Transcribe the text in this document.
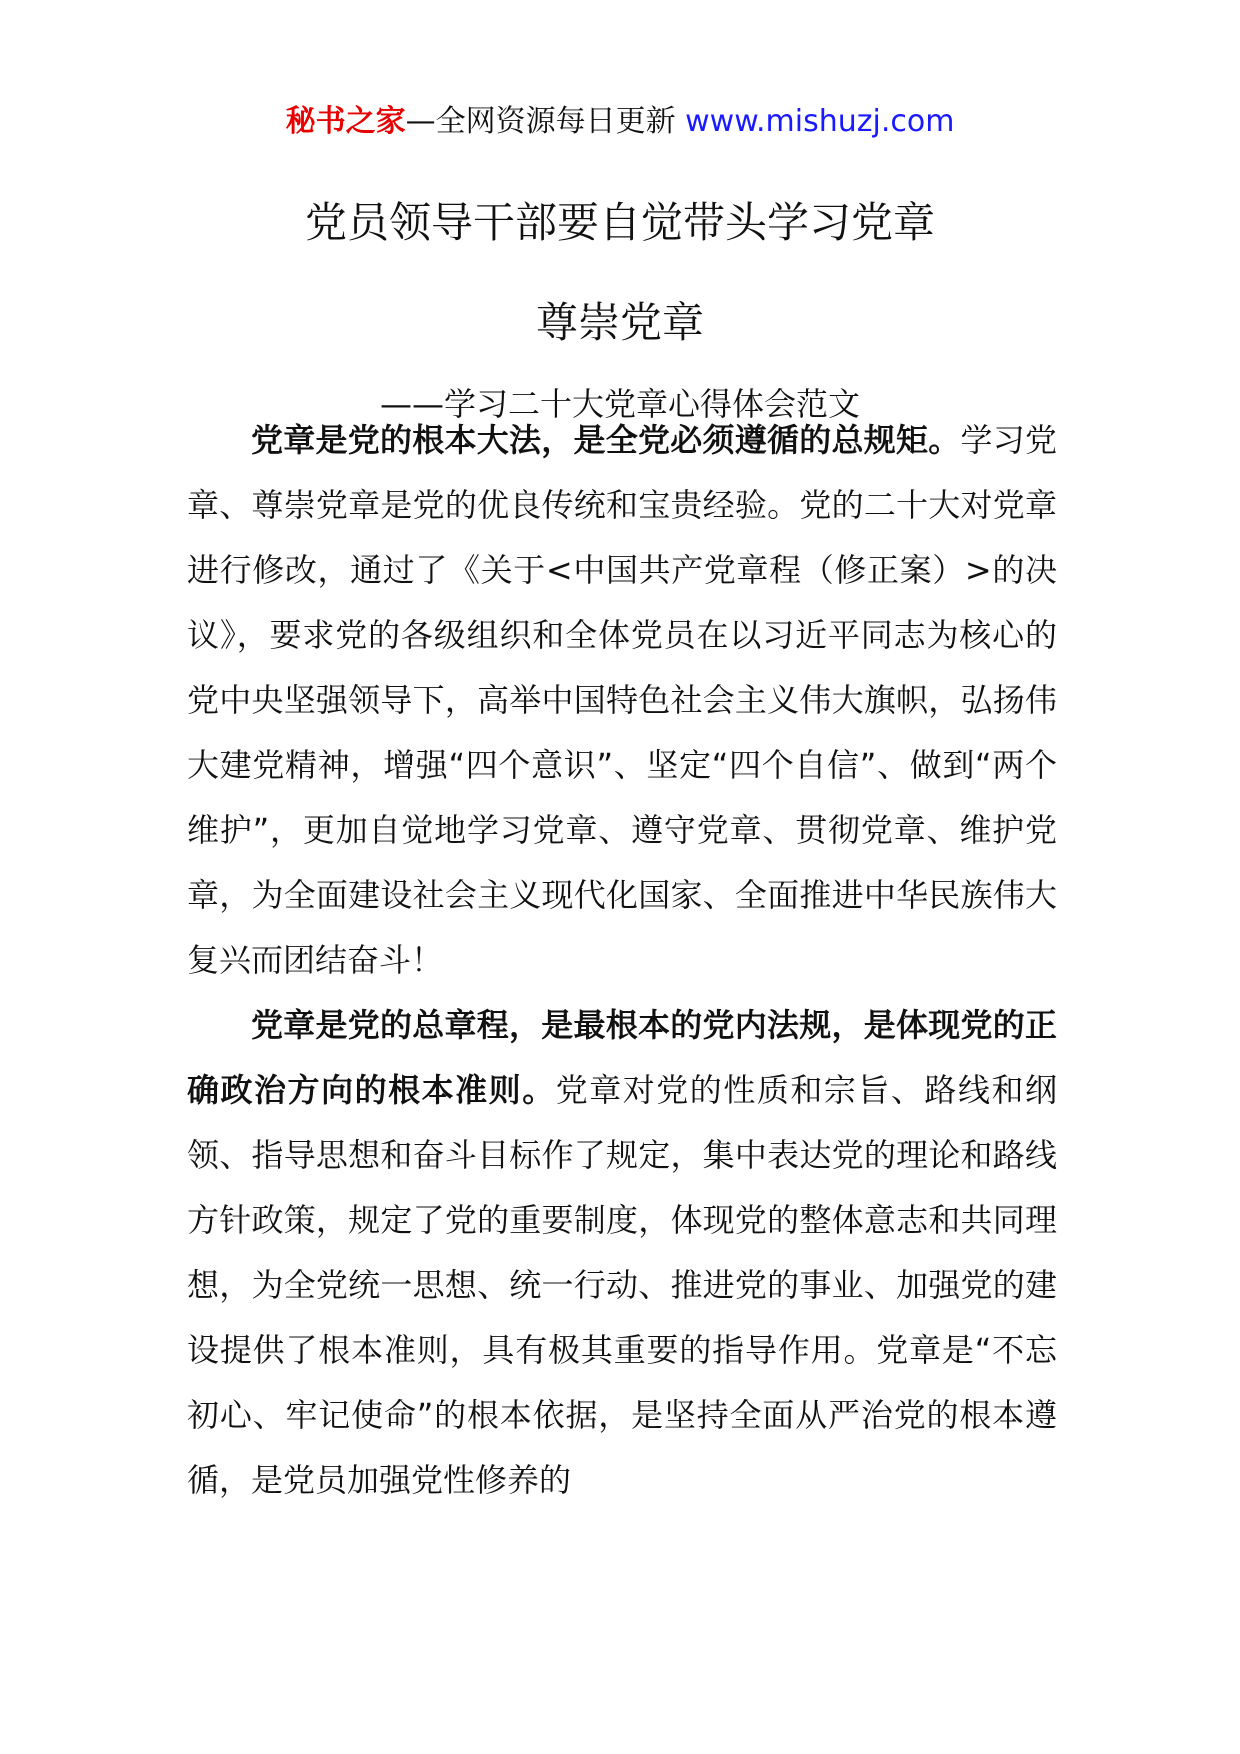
秘书之家—全网资源每日更新 www.mishuzj.com
党员领导干部要自觉带头学习党章
尊崇党章
——学习二十大党章心得体会范文

党章是党的根本大法，是全党必须遵循的总规矩。学习党章、尊崇党章是党的优良传统和宝贵经验。党的二十大对党章进行修改，通过了《关于<中国共产党章程（修正案）>的决议》，要求党的各级组织和全体党员在以习近平同志为核心的党中央坚强领导下，高举中国特色社会主义伟大旗帜，弘扬伟大建党精神，增强“四个意识”、坚定“四个自信”、做到“两个维护”，更加自觉地学习党章、遵守党章、贯彻党章、维护党章，为全面建设社会主义现代化国家、全面推进中华民族伟大复兴而团结奋斗！

党章是党的总章程，是最根本的党内法规，是体现党的正确政治方向的根本准则。党章对党的性质和宗旨、路线和纲领、指导思想和奋斗目标作了规定，集中表达党的理论和路线方针政策，规定了党的重要制度，体现党的整体意志和共同理想，为全党统一思想、统一行动、推进党的事业、加强党的建设提供了根本准则，具有极其重要的指导作用。党章是“不忘初心、牢记使命”的根本依据，是坚持全面从严治党的根本遵循，是党员加强党性修养的
